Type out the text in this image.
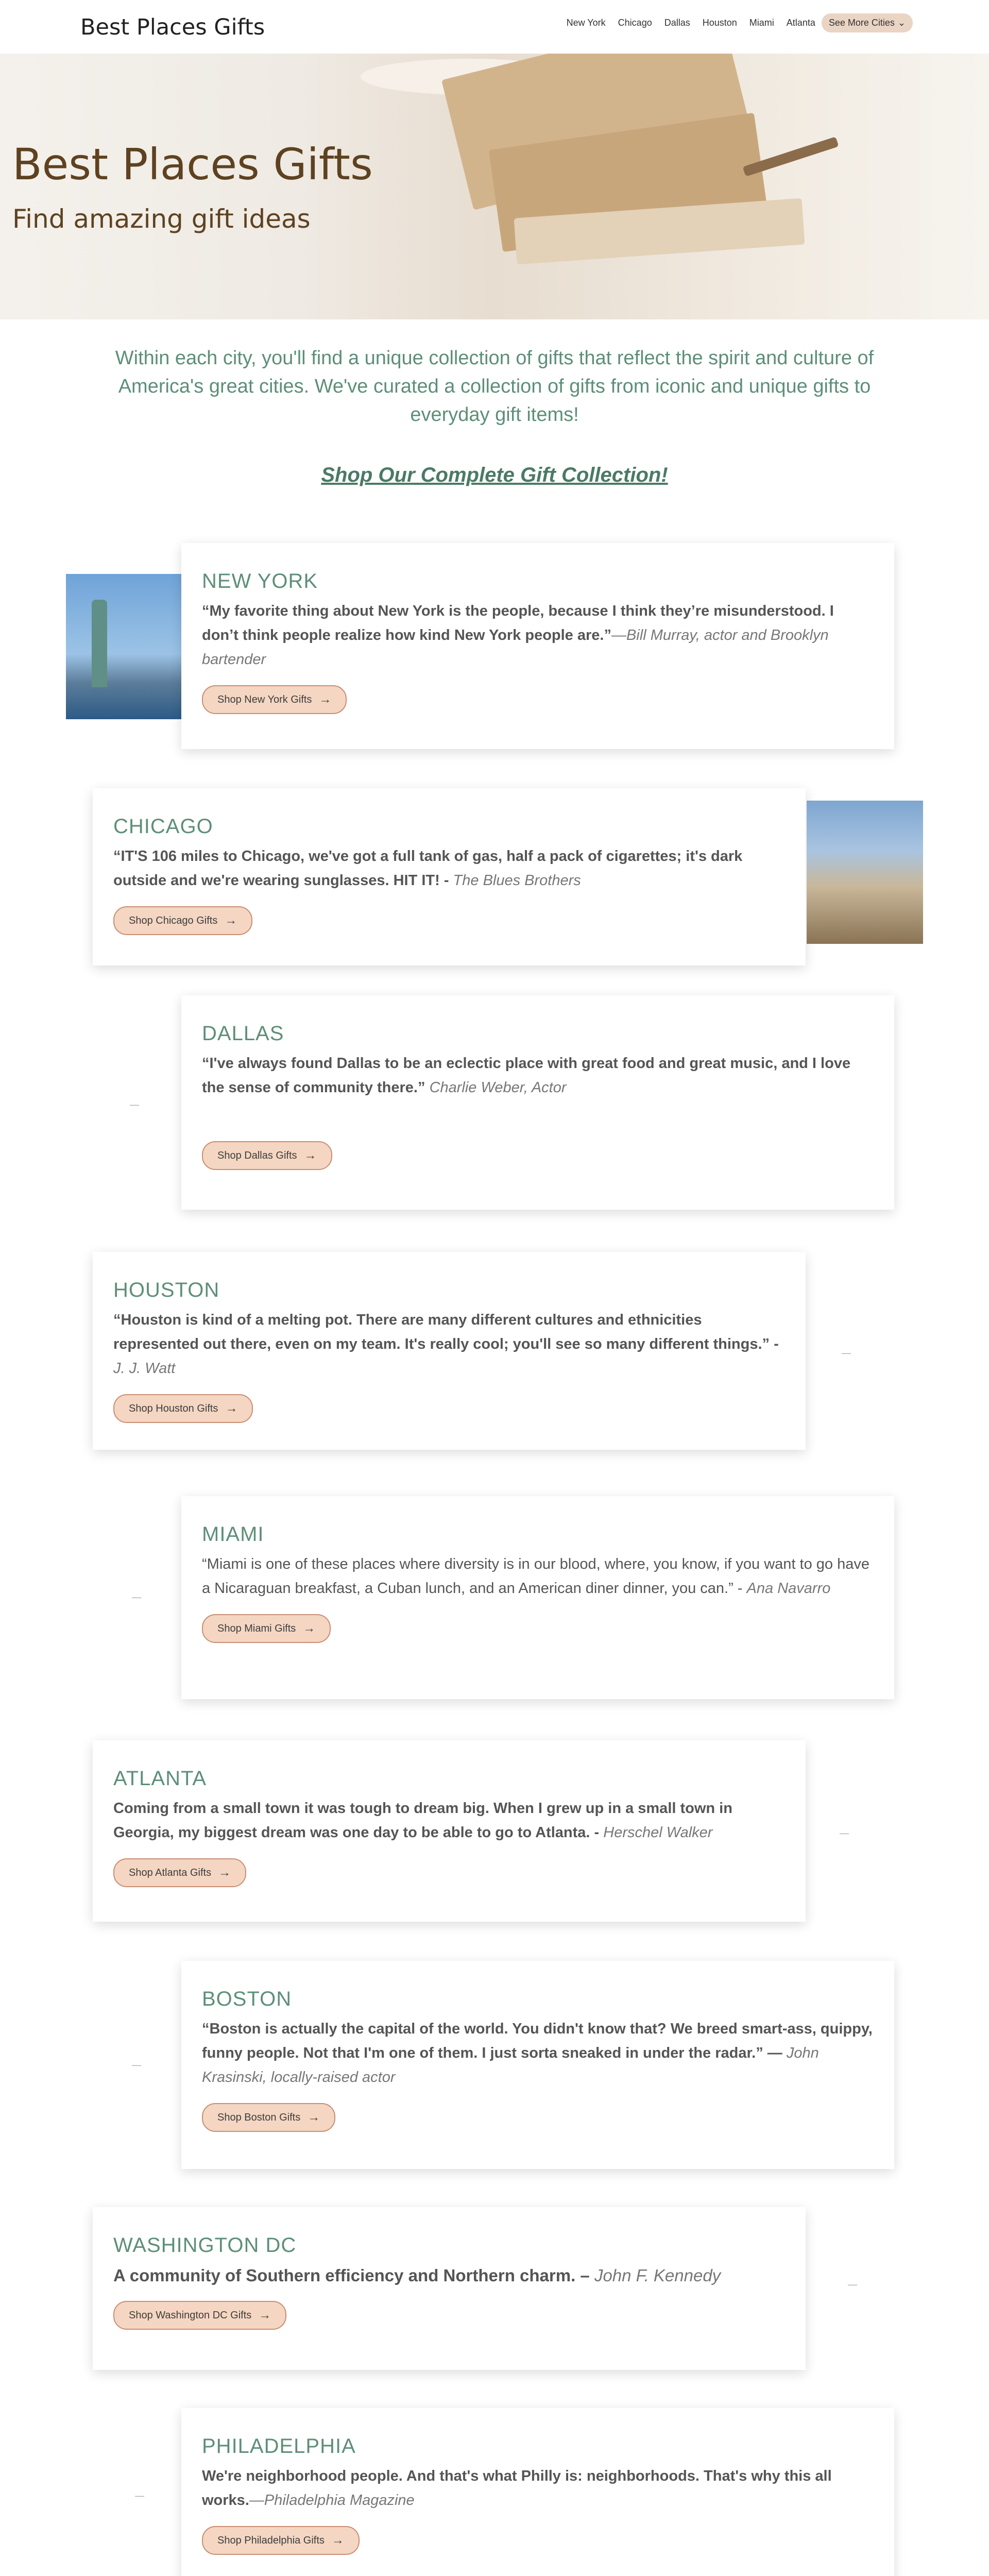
Best Places Gifts	New York	Chicago	Dallas	Houston	Miami	Atlanta	See More Cities ⌄
Best Places Gifts
Find amazing gift ideas
Within each city, you'll find a unique collection of gifts that reflect the spirit and culture of America's great cities. We've curated a collection of gifts from iconic and unique gifts to everyday gift items!
Shop Our Complete Gift Collection!
NEW YORK

“My favorite thing about New York is the people, because I think they’re misunderstood. I don’t think people realize how kind New York people are.”—Bill Murray, actor and Brooklyn bartender

Shop New York Gifts →
CHICAGO

“IT'S 106 miles to Chicago, we've got a full tank of gas, half a pack of cigarettes; it's dark outside and we're wearing sunglasses. HIT IT! - The Blues Brothers

Shop Chicago Gifts →
—
DALLAS

“I've always found Dallas to be an eclectic place with great food and great music, and I love the sense of community there.” Charlie Weber, Actor

Shop Dallas Gifts →
HOUSTON

“Houston is kind of a melting pot. There are many different cultures and ethnicities represented out there, even on my team. It's really cool; you'll see so many different things.” - J. J. Watt

Shop Houston Gifts →
—
—
MIAMI

“Miami is one of these places where diversity is in our blood, where, you know, if you want to go have a Nicaraguan breakfast, a Cuban lunch, and an American diner dinner, you can.” - Ana Navarro

Shop Miami Gifts →
ATLANTA

Coming from a small town it was tough to dream big. When I grew up in a small town in Georgia, my biggest dream was one day to be able to go to Atlanta. - Herschel Walker

Shop Atlanta Gifts →
—
—
BOSTON

“Boston is actually the capital of the world. You didn't know that? We breed smart-ass, quippy, funny people. Not that I'm one of them. I just sorta sneaked in under the radar.” — John Krasinski, locally-raised actor

Shop Boston Gifts →
WASHINGTON DC

A community of Southern efficiency and Northern charm. – John F. Kennedy

Shop Washington DC Gifts →
—
—
PHILADELPHIA

We're neighborhood people. And that's what Philly is: neighborhoods. That's why this all works.—Philadelphia Magazine

Shop Philadelphia Gifts →
